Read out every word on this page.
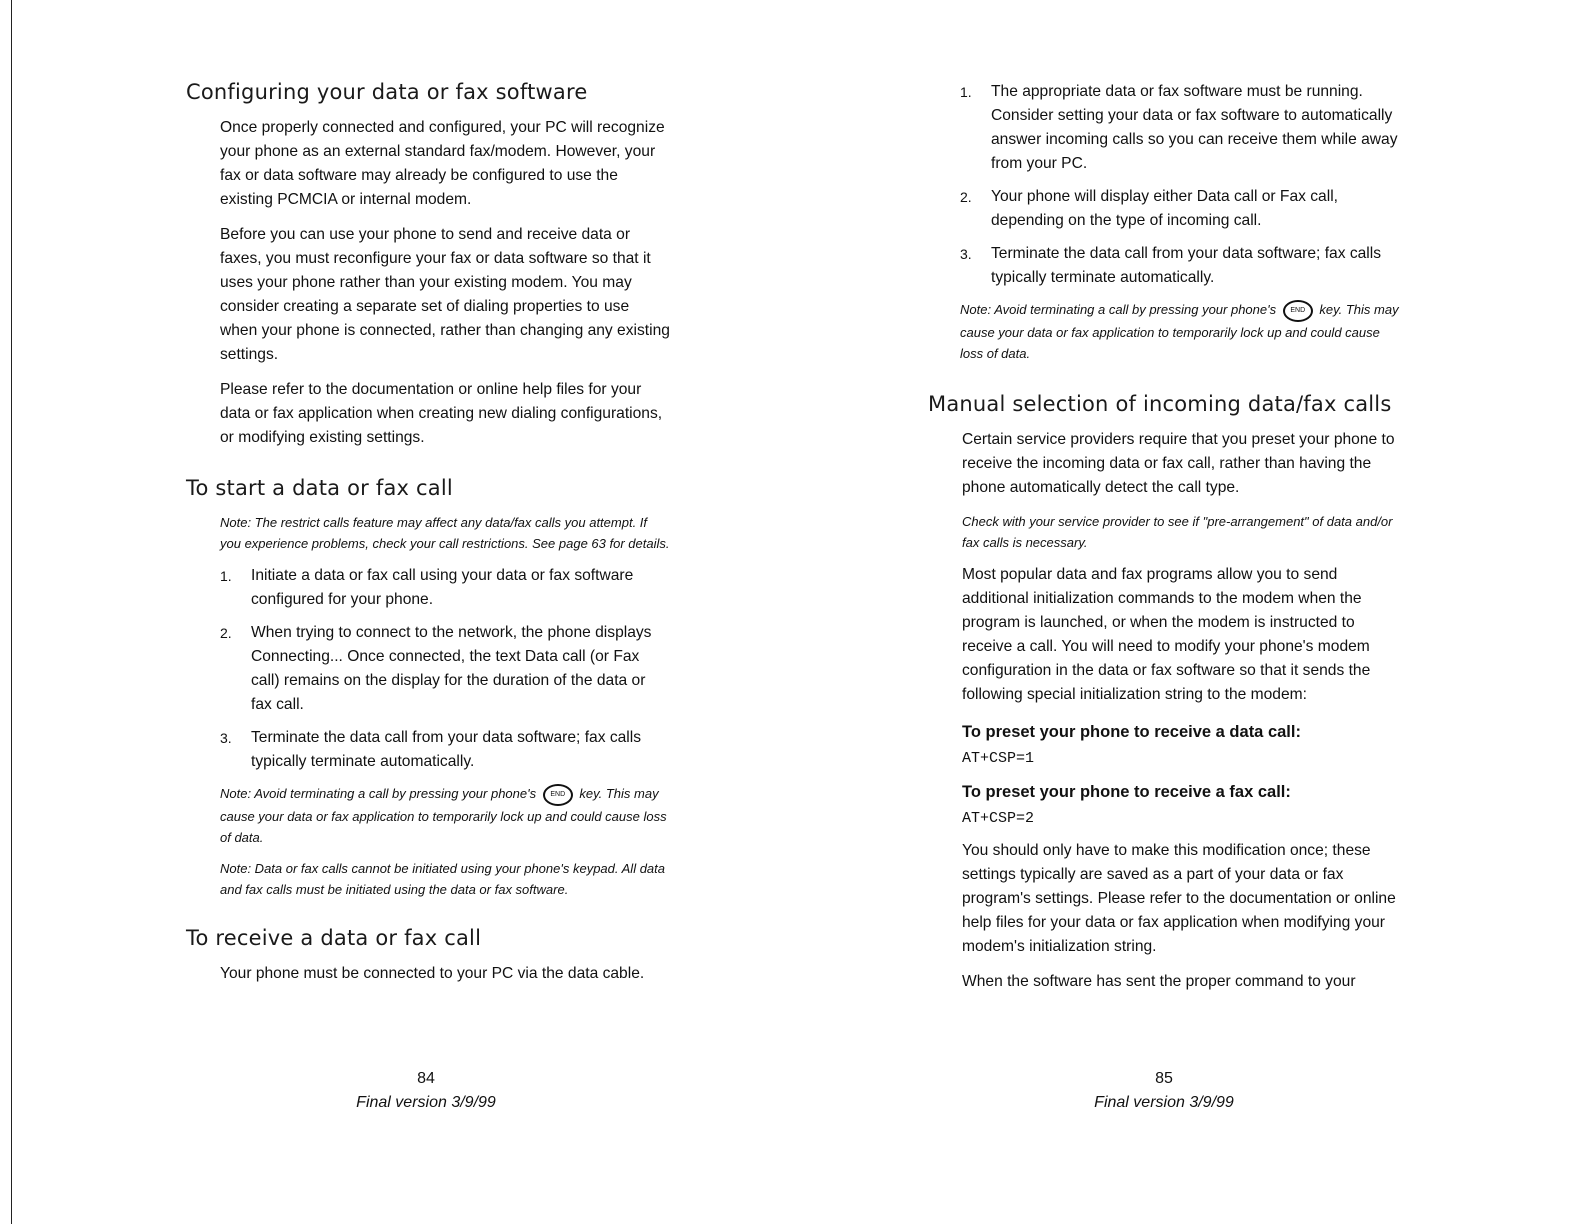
Configuring your data or fax software

Once properly connected and configured, your PC will recognize your phone as an external standard fax/modem. However, your fax or data software may already be configured to use the existing PCMCIA or internal modem.

Before you can use your phone to send and receive data or faxes, you must reconfigure your fax or data software so that it uses your phone rather than your existing modem. You may consider creating a separate set of dialing properties to use when your phone is connected, rather than changing any existing settings.

Please refer to the documentation or online help files for your data or fax application when creating new dialing configurations, or modifying existing settings.

To start a data or fax call

Note: The restrict calls feature may affect any data/fax calls you attempt. If you experience problems, check your call restrictions. See page 63 for details.

1. Initiate a data or fax call using your data or fax software configured for your phone.
2. When trying to connect to the network, the phone displays Connecting... Once connected, the text Data call (or Fax call) remains on the display for the duration of the data or fax call.
3. Terminate the data call from your data software; fax calls typically terminate automatically.

Note: Avoid terminating a call by pressing your phone's END key. This may cause your data or fax application to temporarily lock up and could cause loss of data.

Note: Data or fax calls cannot be initiated using your phone's keypad. All data and fax calls must be initiated using the data or fax software.

To receive a data or fax call

Your phone must be connected to your PC via the data cable.

84
Final version 3/9/99
1. The appropriate data or fax software must be running. Consider setting your data or fax software to automatically answer incoming calls so you can receive them while away from your PC.
2. Your phone will display either Data call or Fax call, depending on the type of incoming call.
3. Terminate the data call from your data software; fax calls typically terminate automatically.

Note: Avoid terminating a call by pressing your phone's END key. This may cause your data or fax application to temporarily lock up and could cause loss of data.

Manual selection of incoming data/fax calls

Certain service providers require that you preset your phone to receive the incoming data or fax call, rather than having the phone automatically detect the call type.

Check with your service provider to see if "pre-arrangement" of data and/or fax calls is necessary.

Most popular data and fax programs allow you to send additional initialization commands to the modem when the program is launched, or when the modem is instructed to receive a call. You will need to modify your phone's modem configuration in the data or fax software so that it sends the following special initialization string to the modem:

To preset your phone to receive a data call:
AT+CSP=1
To preset your phone to receive a fax call:
AT+CSP=2

You should only have to make this modification once; these settings typically are saved as a part of your data or fax program's settings. Please refer to the documentation or online help files for your data or fax application when modifying your modem's initialization string.

When the software has sent the proper command to your

85
Final version 3/9/99
